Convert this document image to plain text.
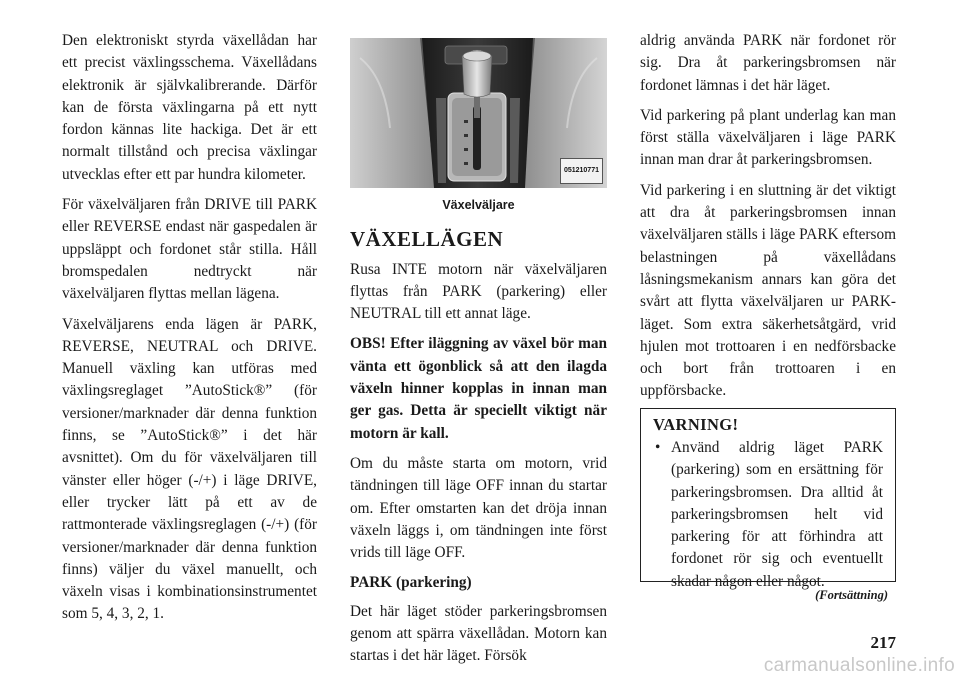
Den elektroniskt styrda växellådan har ett precist växlingsschema. Växellådans elektronik är självkalibrerande. Därför kan de första växlingarna på ett nytt fordon kännas lite hackiga. Det är ett normalt tillstånd och precisa växlingar utvecklas efter ett par hundra kilometer.

För växelväljaren från DRIVE till PARK eller REVERSE endast när gaspedalen är uppsläppt och fordonet står stilla. Håll bromspedalen nedtryckt när växelväljaren flyttas mellan lägena.

Växelväljarens enda lägen är PARK, REVERSE, NEUTRAL och DRIVE. Manuell växling kan utföras med växlingsreglaget ”AutoStick®” (för versioner/marknader där denna funktion finns, se ”AutoStick®” i det här avsnittet). Om du för växelväljaren till vänster eller höger (-/+) i läge DRIVE, eller trycker lätt på ett av de rattmonterade växlingsreglagen (-/+) (för versioner/marknader där denna funktion finns) väljer du växel manuellt, och växeln visas i kombinationsinstrumentet som 5, 4, 3, 2, 1.

051210771
Växelväljare
VÄXELLÄGEN

Rusa INTE motorn när växelväljaren flyttas från PARK (parkering) eller NEUTRAL till ett annat läge.

OBS! Efter iläggning av växel bör man vänta ett ögonblick så att den ilagda växeln hinner kopplas in innan man ger gas. Detta är speciellt viktigt när motorn är kall.

Om du måste starta om motorn, vrid tändningen till läge OFF innan du startar om. Efter omstarten kan det dröja innan växeln läggs i, om tändningen inte först vrids till läge OFF.

PARK (parkering)

Det här läget stöder parkeringsbromsen genom att spärra växellådan. Motorn kan startas i det här läget. Försök

aldrig använda PARK när fordonet rör sig. Dra åt parkeringsbromsen när fordonet lämnas i det här läget.

Vid parkering på plant underlag kan man först ställa växelväljaren i läge PARK innan man drar åt parkeringsbromsen.

Vid parkering i en sluttning är det viktigt att dra åt parkeringsbromsen innan växelväljaren ställs i läge PARK eftersom belastningen på växellådans låsningsmekanism annars kan göra det svårt att flytta växelväljaren ur PARK-läget. Som extra säkerhetsåtgärd, vrid hjulen mot trottoaren i en nedförsbacke och bort från trottoaren i en uppförsbacke.

VARNING!
• Använd aldrig läget PARK (parkering) som en ersättning för parkeringsbromsen. Dra alltid åt parkeringsbromsen helt vid parkering för att förhindra att fordonet rör sig och eventuellt skadar någon eller något.
(Fortsättning)
217
carmanualsonline.info
